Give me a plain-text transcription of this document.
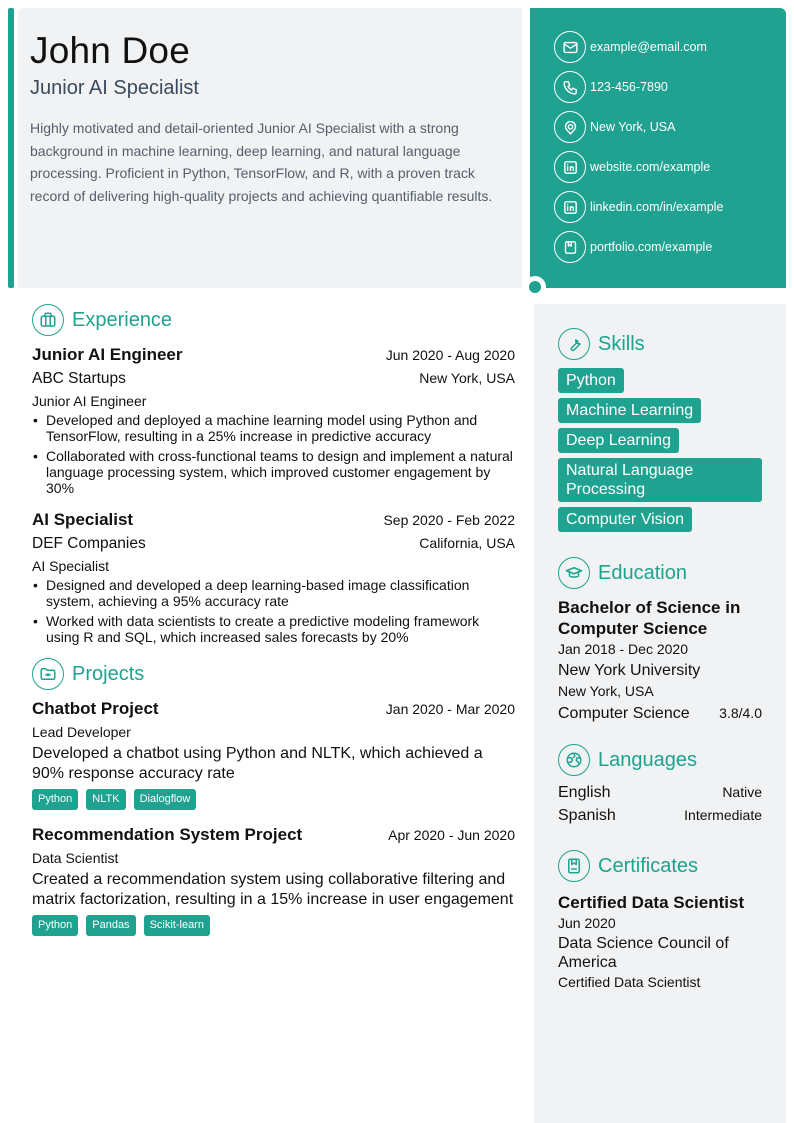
John Doe
Junior AI Specialist
Highly motivated and detail-oriented Junior AI Specialist with a strong background in machine learning, deep learning, and natural language processing. Proficient in Python, TensorFlow, and R, with a proven track record of delivering high-quality projects and achieving quantifiable results.
example@email.com
123-456-7890
New York, USA
website.com/example
linkedin.com/in/example
portfolio.com/example
Experience
Junior AI Engineer	Jun 2020 - Aug 2020
ABC Startups	New York, USA
Junior AI Engineer
• Developed and deployed a machine learning model using Python and TensorFlow, resulting in a 25% increase in predictive accuracy
• Collaborated with cross-functional teams to design and implement a natural language processing system, which improved customer engagement by 30%
AI Specialist	Sep 2020 - Feb 2022
DEF Companies	California, USA
AI Specialist
• Designed and developed a deep learning-based image classification system, achieving a 95% accuracy rate
• Worked with data scientists to create a predictive modeling framework using R and SQL, which increased sales forecasts by 20%
Projects
Chatbot Project	Jan 2020 - Mar 2020
Lead Developer
Developed a chatbot using Python and NLTK, which achieved a 90% response accuracy rate
Python	NLTK	Dialogflow
Recommendation System Project	Apr 2020 - Jun 2020
Data Scientist
Created a recommendation system using collaborative filtering and matrix factorization, resulting in a 15% increase in user engagement
Python	Pandas	Scikit-learn
Skills
Python
Machine Learning
Deep Learning
Natural Language Processing
Computer Vision
Education
Bachelor of Science in Computer Science
Jan 2018 - Dec 2020
New York University
New York, USA
Computer Science 3.8/4.0
Languages
English	Native
Spanish	Intermediate
Certificates
Certified Data Scientist
Jun 2020
Data Science Council of America
Certified Data Scientist
